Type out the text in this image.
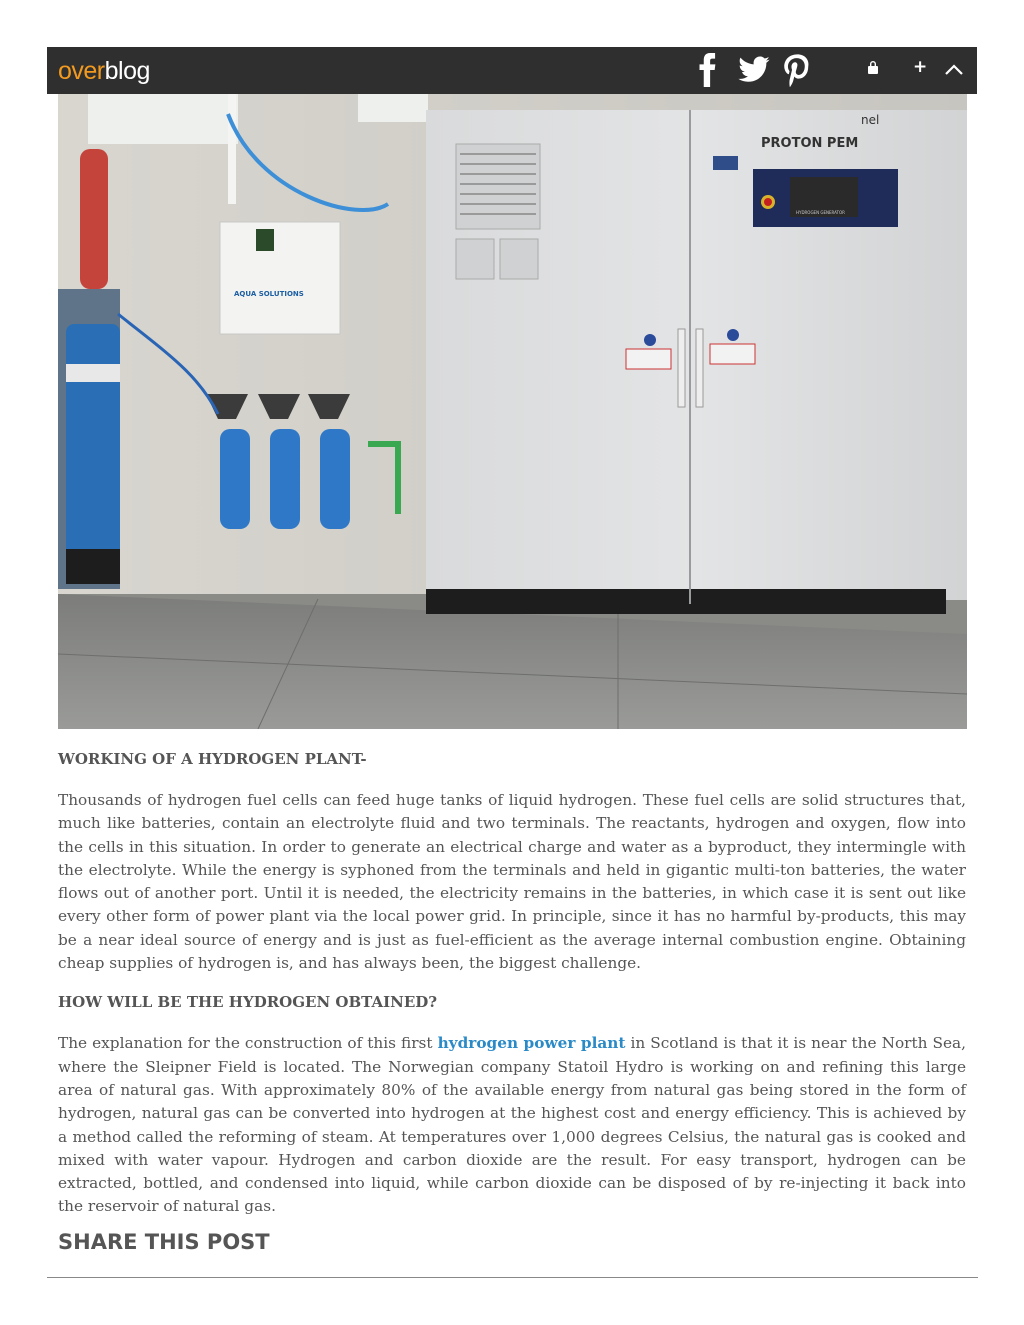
overblog	+
AQUA SOLUTIONS
nel
PROTON PEM
HYDROGEN GENERATOR
WORKING OF A HYDROGEN PLANT-

Thousands of hydrogen fuel cells can feed huge tanks of liquid hydrogen. These fuel cells are solid structures that, much like batteries, contain an electrolyte fluid and two terminals. The reactants, hydrogen and oxygen, flow into the cells in this situation. In order to generate an electrical charge and water as a byproduct, they intermingle with the electrolyte. While the energy is syphoned from the terminals and held in gigantic multi-ton batteries, the water flows out of another port. Until it is needed, the electricity remains in the batteries, in which case it is sent out like every other form of power plant via the local power grid. In principle, since it has no harmful by-products, this may be a near ideal source of energy and is just as fuel-efficient as the average internal combustion engine. Obtaining cheap supplies of hydrogen is, and has always been, the biggest challenge.

HOW WILL BE THE HYDROGEN OBTAINED?

The explanation for the construction of this first hydrogen power plant in Scotland is that it is near the North Sea, where the Sleipner Field is located. The Norwegian company Statoil Hydro is working on and refining this large area of natural gas. With approximately 80% of the available energy from natural gas being stored in the form of hydrogen, natural gas can be converted into hydrogen at the highest cost and energy efficiency. This is achieved by a method called the reforming of steam. At temperatures over 1,000 degrees Celsius, the natural gas is cooked and mixed with water vapour. Hydrogen and carbon dioxide are the result. For easy transport, hydrogen can be extracted, bottled, and condensed into liquid, while carbon dioxide can be disposed of by re-injecting it back into the reservoir of natural gas.

SHARE THIS POST
